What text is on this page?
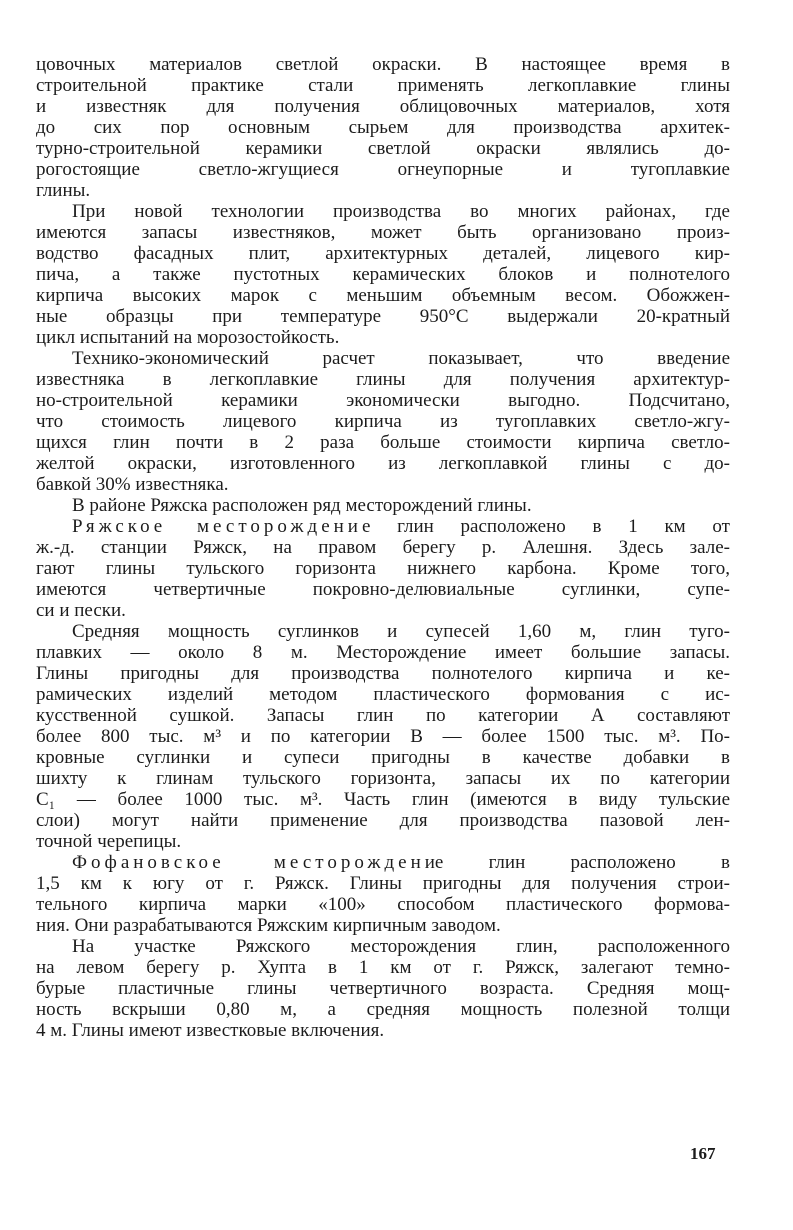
цовочных материалов светлой окраски. В настоящее время в
строительной практике стали применять легкоплавкие глины
и известняк для получения облицовочных материалов, хотя
до сих пор основным сырьем для производства архитек-
турно-строительной керамики светлой окраски являлись до-
рогостоящие светло-жгущиеся огнеупорные и тугоплавкие
глины.
При новой технологии производства во многих районах, где
имеются запасы известняков, может быть организовано произ-
водство фасадных плит, архитектурных деталей, лицевого кир-
пича, а также пустотных керамических блоков и полнотелого
кирпича высоких марок с меньшим объемным весом. Обожжен-
ные образцы при температуре 950°С выдержали 20-кратный
цикл испытаний на морозостойкость.
Технико-экономический расчет показывает, что введение
известняка в легкоплавкие глины для получения архитектур-
но-строительной керамики экономически выгодно. Подсчитано,
что стоимость лицевого кирпича из тугоплавких светло-жгу-
щихся глин почти в 2 раза больше стоимости кирпича светло-
желтой окраски, изготовленного из легкоплавкой глины с до-
бавкой 30% известняка.
В районе Ряжска расположен ряд месторождений глины.
Ряжское месторождение глин расположено в 1 км от
ж.-д. станции Ряжск, на правом берегу р. Алешня. Здесь зале-
гают глины тульского горизонта нижнего карбона. Кроме того,
имеются четвертичные покровно-делювиальные суглинки, супе-
си и пески.
Средняя мощность суглинков и супесей 1,60 м, глин туго-
плавких — около 8 м. Месторождение имеет большие запасы.
Глины пригодны для производства полнотелого кирпича и ке-
рамических изделий методом пластического формования с ис-
кусственной сушкой. Запасы глин по категории А составляют
более 800 тыс. м³ и по категории В — более 1500 тыс. м³. По-
кровные суглинки и супеси пригодны в качестве добавки в
шихту к глинам тульского горизонта, запасы их по категории
С₁ — более 1000 тыс. м³. Часть глин (имеются в виду тульские
слои) могут найти применение для производства пазовой лен-
точной черепицы.
Фофановское месторождение глин расположено в
1,5 км к югу от г. Ряжск. Глины пригодны для получения строи-
тельного кирпича марки «100» способом пластического формова-
ния. Они разрабатываются Ряжским кирпичным заводом.
На участке Ряжского месторождения глин, расположенного
на левом берегу р. Хупта в 1 км от г. Ряжск, залегают темно-
бурые пластичные глины четвертичного возраста. Средняя мощ-
ность вскрыши 0,80 м, а средняя мощность полезной толщи
4 м. Глины имеют известковые включения.
167
